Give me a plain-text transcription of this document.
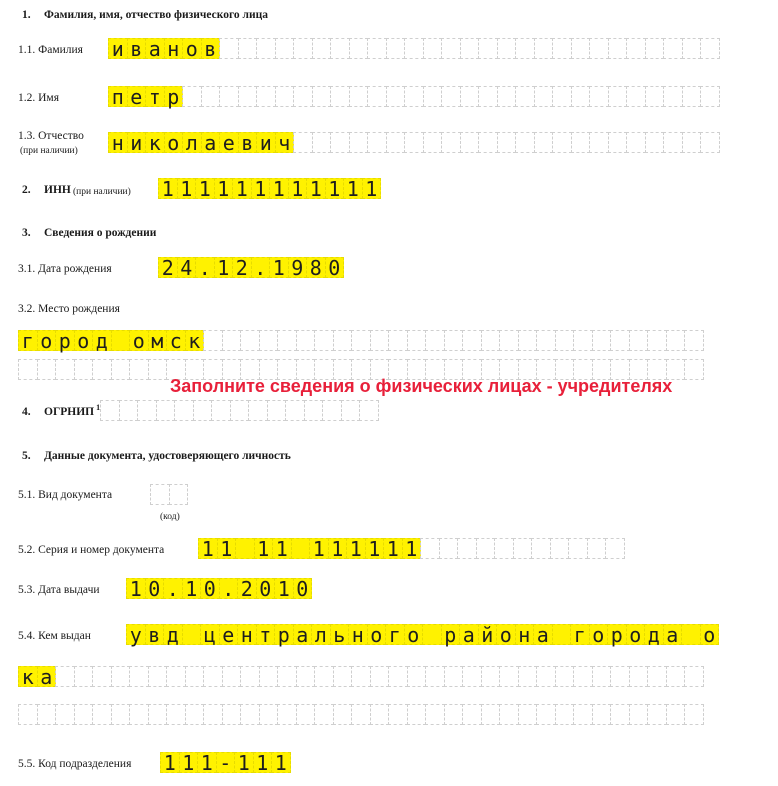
1. Фамилия, имя, отчество физического лица
1.1. Фамилия и в а н о в
1.2. Имя	п е т р
1.3. Отчество
(при наличии) н и к о л а е в и ч
2. ИНН (при наличии) 1 1 1 1 1 1 1 1 1 1 1 1
3. Сведения о рождении
3.1. Дата рождения	2 4 . 1 2 . 1 9 8 0
3.2. Место рождения
г о р о д о м с к
Заполните сведения о физических лицах - учредителях
4. ОГРНИП $^1$
5. Данные документа, удостоверяющего личность
5.1. Вид документа
(код)
5.2. Серия и номер документа 1 1 1 1 1 1 1 1 1 1
5.3. Дата выдачи 1 0 . 1 0 . 2 0 1 0
5.4. Кем выдан у в д ц е н т р а л ь н о г о р а й о н а г о р о д а о
к а
5.5. Код подразделения 1 1 1 - 1 1 1
